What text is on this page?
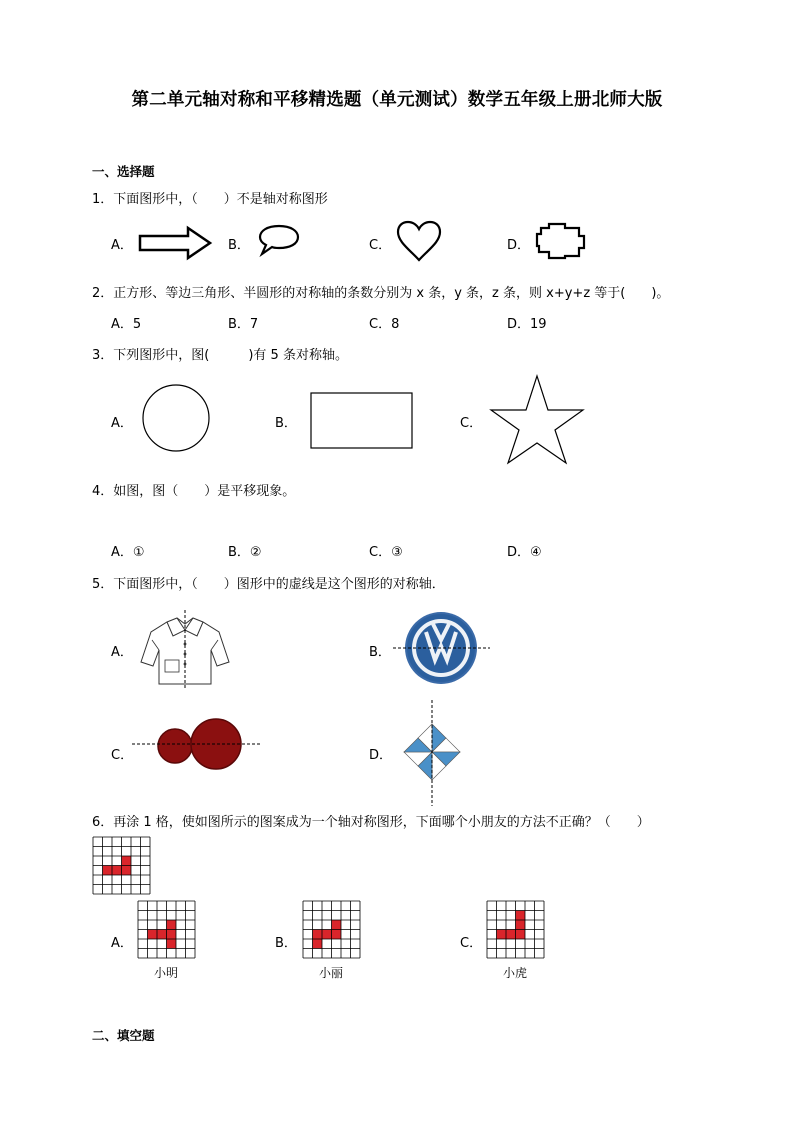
第二单元轴对称和平移精选题（单元测试）数学五年级上册北师大版
一、选择题
1．下面图形中，（　　）不是轴对称图形
A．	B．	C．	D．
2．正方形、等边三角形、半圆形的对称轴的条数分别为 x 条，y 条，z 条，则 x+y+z 等于(　　)。
A．5	B．7	C．8	D．19
3．下列图形中，图(　　　)有 5 条对称轴。
A．	B．	C．
4．如图，图（　　）是平移现象。
A．①	B．②	C．③	D．④
5．下面图形中，（　　）图形中的虚线是这个图形的对称轴．
A．	B．
C．	D．
6．再涂 1 格，使如图所示的图案成为一个轴对称图形，下面哪个小朋友的方法不正确？（　　）
A．
小明
B．
小丽
C．
小虎
二、填空题
